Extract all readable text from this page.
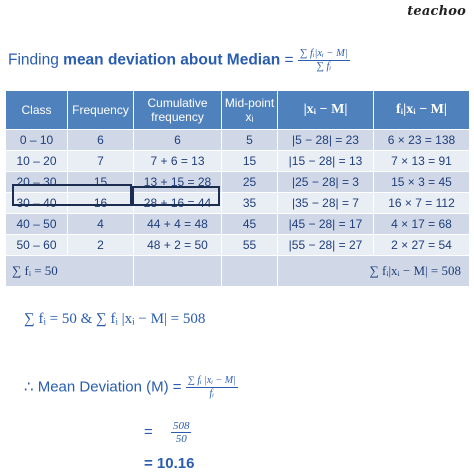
teachoo
Finding mean deviation about Median = $\frac{\text{∑ fᵢ|xᵢ − M|}}{\text{∑ fᵢ}}$
Class	Frequency	Cumulative frequency	Mid-point xᵢ	|xᵢ − M|	fᵢ|xᵢ − M|
0 – 10	6	6	5	|5 − 28| = 23	6 × 23 = 138
10 – 20	7	7 + 6 = 13	15	|15 − 28| = 13	7 × 13 = 91
20 – 30	15	13 + 15 = 28	25	|25 − 28| = 3	15 × 3 = 45
30 – 40	16	28 + 16 = 44	35	|35 − 28| = 7	16 × 7 = 112
40 – 50	4	44 + 4 = 48	45	|45 − 28| = 17	4 × 17 = 68
50 – 60	2	48 + 2 = 50	55	|55 − 28| = 27	2 × 27 = 54
∑ fᵢ = 50				∑ fᵢ|xᵢ − M| = 508	
∑ fᵢ = 50 & ∑ fᵢ |xᵢ − M| = 508
∴ Mean Deviation $(M) = \frac{\text{∑ fᵢ |xᵢ − M|}}{\text{fᵢ}}$
= $\frac{508}{50}$
= 10.16
